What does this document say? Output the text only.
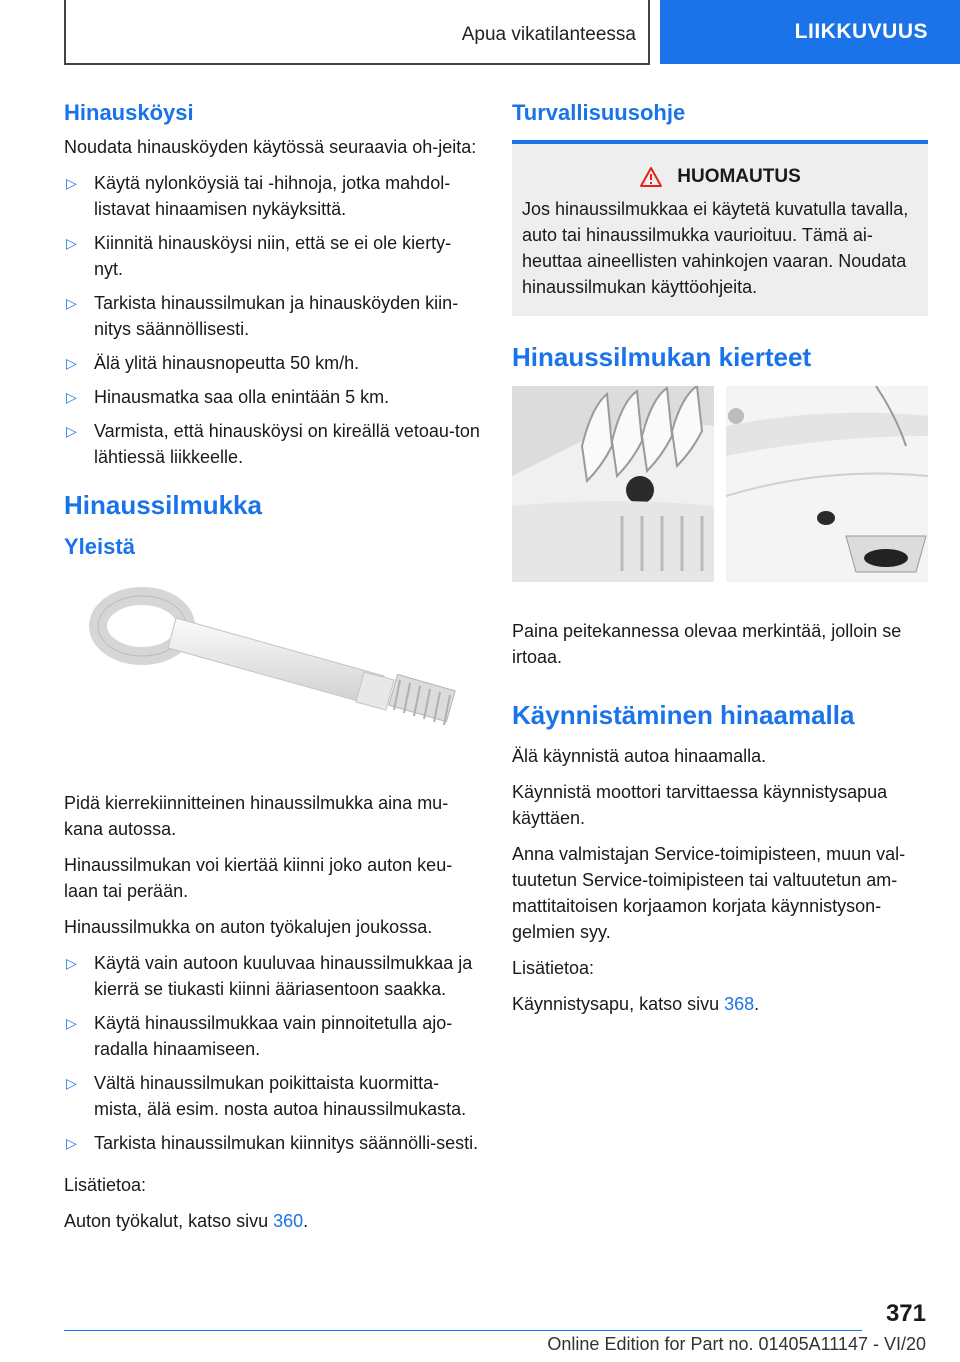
Apua vikatilanteessa	LIIKKUVUUS
Hinausköysi

Noudata hinausköyden käytössä seuraavia oh-jeita:

▷ Käytä nylonköysiä tai -hihnoja, jotka mahdol-listavat hinaamisen nykäyksittä.
▷ Kiinnitä hinausköysi niin, että se ei ole kierty-nyt.
▷ Tarkista hinaussilmukan ja hinausköyden kiin-nitys säännöllisesti.
▷ Älä ylitä hinausnopeutta 50 km/h.
▷ Hinausmatka saa olla enintään 5 km.
▷ Varmista, että hinausköysi on kireällä vetoau-ton lähtiessä liikkeelle.
Hinaussilmukka
Yleistä

Pidä kierrekiinnitteinen hinaussilmukka aina mu-kana autossa.

Hinaussilmukan voi kiertää kiinni joko auton keu-laan tai perään.

Hinaussilmukka on auton työkalujen joukossa.

▷ Käytä vain autoon kuuluvaa hinaussilmukkaa ja kierrä se tiukasti kiinni ääriasentoon saakka.
▷ Käytä hinaussilmukkaa vain pinnoitetulla ajo-radalla hinaamiseen.
▷ Vältä hinaussilmukan poikittaista kuormitta-mista, älä esim. nosta autoa hinaussilmukasta.
▷ Tarkista hinaussilmukan kiinnitys säännölli-sesti.

Lisätietoa:

Auton työkalut, katso sivu 360.

Turvallisuusohje
HUOMAUTUS

Jos hinaussilmukkaa ei käytetä kuvatulla tavalla, auto tai hinaussilmukka vaurioituu. Tämä ai-heuttaa aineellisten vahinkojen vaaran. Noudata hinaussilmukan käyttöohjeita.

Hinaussilmukan kierteet

Paina peitekannessa olevaa merkintää, jolloin se irtoaa.

Käynnistäminen hinaamalla

Älä käynnistä autoa hinaamalla.

Käynnistä moottori tarvittaessa käynnistysapua käyttäen.

Anna valmistajan Service-toimipisteen, muun val-tuutetun Service-toimipisteen tai valtuutetun am-mattitaitoisen korjaamon korjata käynnistyson-gelmien syy.

Lisätietoa:

Käynnistysapu, katso sivu 368.

371
Online Edition for Part no. 01405A11147 - VI/20
